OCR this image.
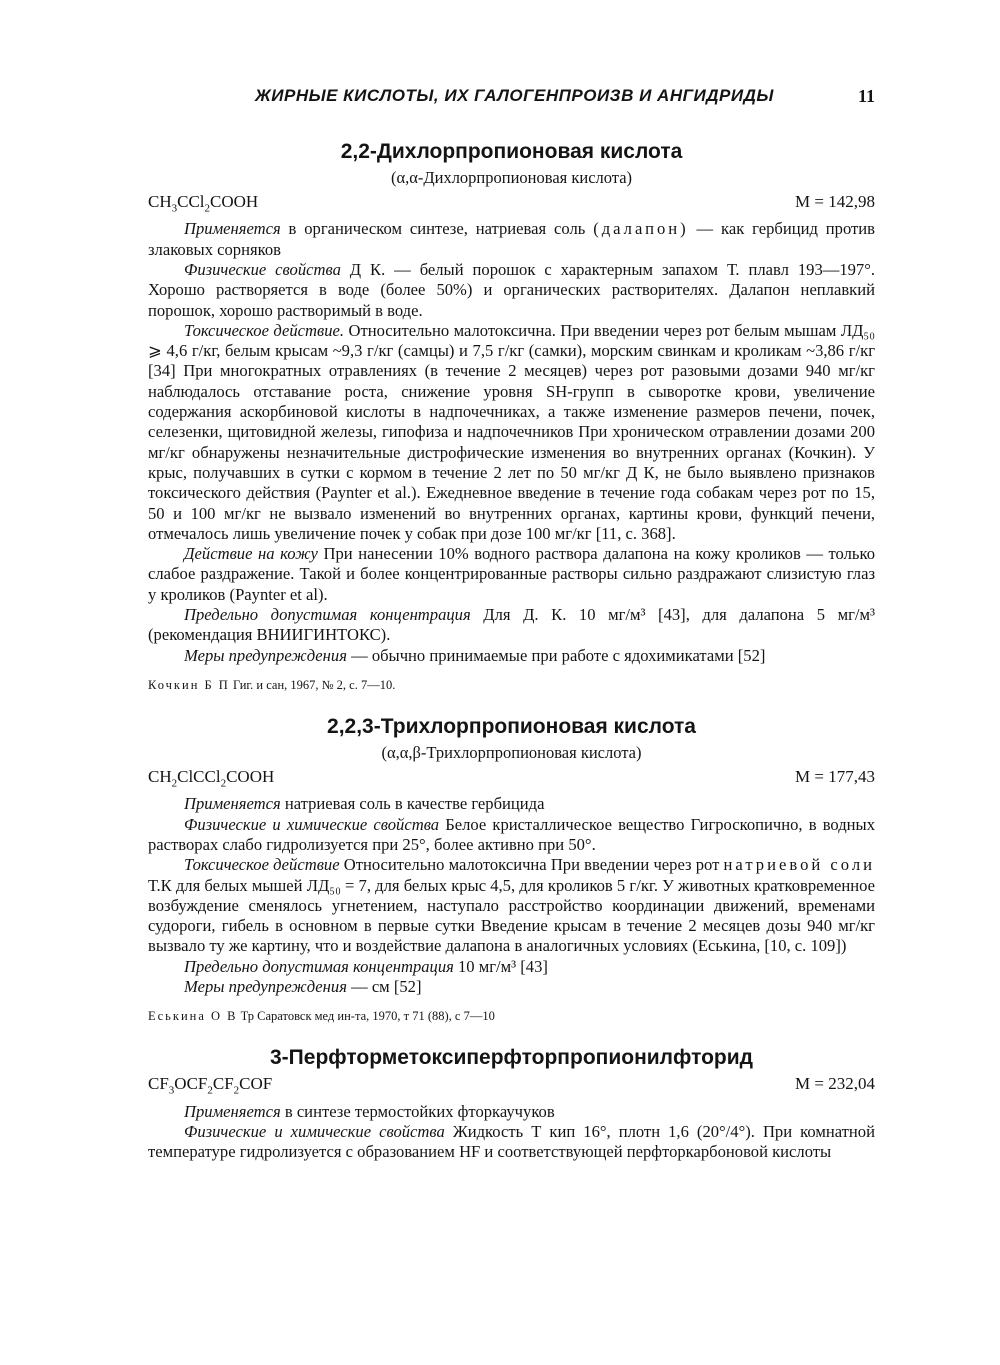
ЖИРНЫЕ КИСЛОТЫ, ИХ ГАЛОГЕНПРОИЗВ И АНГИДРИДЫ	11
2,2-Дихлорпропионовая кислота
(α,α-Дихлорпропионовая кислота)
$CH_3CCl_2COOH$	M = 142,98

Применяется в органическом синтезе, натриевая соль (далапон) — как гербицид против злаковых сорняков

Физические свойства Д К. — белый порошок с характерным запахом Т. плавл 193—197°. Хорошо растворяется в воде (более 50%) и органических растворителях. Далапон неплавкий порошок, хорошо растворимый в воде.

Токсическое действие. Относительно малотоксична. При введении через рот белым мышам ЛД₅₀ ⩾ 4,6 г/кг, белым крысам ~9,3 г/кг (самцы) и 7,5 г/кг (самки), морским свинкам и кроликам ~3,86 г/кг [34] При многократных отравлениях (в течение 2 месяцев) через рот разовыми дозами 940 мг/кг наблюдалось отставание роста, снижение уровня SH-групп в сыворотке крови, увеличение содержания аскорбиновой кислоты в надпочечниках, а также изменение размеров печени, почек, селезенки, щитовидной железы, гипофиза и надпочечников При хроническом отравлении дозами 200 мг/кг обнаружены незначительные дистрофические изменения во внутренних органах (Кочкин). У крыс, получавших в сутки с кормом в течение 2 лет по 50 мг/кг Д К, не было выявлено признаков токсического действия (Paynter et al.). Ежедневное введение в течение года собакам через рот по 15, 50 и 100 мг/кг не вызвало изменений во внутренних органах, картины крови, функций печени, отмечалось лишь увеличение почек у собак при дозе 100 мг/кг [11, с. 368].

Действие на кожу При нанесении 10% водного раствора далапона на кожу кроликов — только слабое раздражение. Такой и более концентрированные растворы сильно раздражают слизистую глаз у кроликов (Paynter et al).

Предельно допустимая концентрация Для Д. К. 10 мг/м³ [43], для далапона 5 мг/м³ (рекомендация ВНИИГИНТОКС).

Меры предупреждения — обычно принимаемые при работе с ядохимикатами [52]

Кочкин Б П Гиг. и сан, 1967, № 2, с. 7—10.
2,2,3-Трихлорпропионовая кислота
(α,α,β-Трихлорпропионовая кислота)
$CH_2ClCCl_2COOH$	M = 177,43

Применяется натриевая соль в качестве гербицида

Физические и химические свойства Белое кристаллическое вещество Гигроскопично, в водных растворах слабо гидролизуется при 25°, более активно при 50°.

Токсическое действие Относительно малотоксична При введении через рот натриевой соли Т.К для белых мышей ЛД₅₀ = 7, для белых крыс 4,5, для кроликов 5 г/кг. У животных кратковременное возбуждение сменялось угнетением, наступало расстройство координации движений, временами судороги, гибель в основном в первые сутки Введение крысам в течение 2 месяцев дозы 940 мг/кг вызвало ту же картину, что и воздействие далапона в аналогичных условиях (Еськина, [10, с. 109])

Предельно допустимая концентрация 10 мг/м³ [43]

Меры предупреждения — см [52]

Еськина О В Тр Саратовск мед ин-та, 1970, т 71 (88), с 7—10
3-Перфторметоксиперфторпропионилфторид
$CF_3OCF_2CF_2COF$	M = 232,04

Применяется в синтезе термостойких фторкаучуков

Физические и химические свойства Жидкость Т кип 16°, плотн 1,6 (20°/4°). При комнатной температуре гидролизуется с образованием HF и соответствующей перфторкарбоновой кислоты
